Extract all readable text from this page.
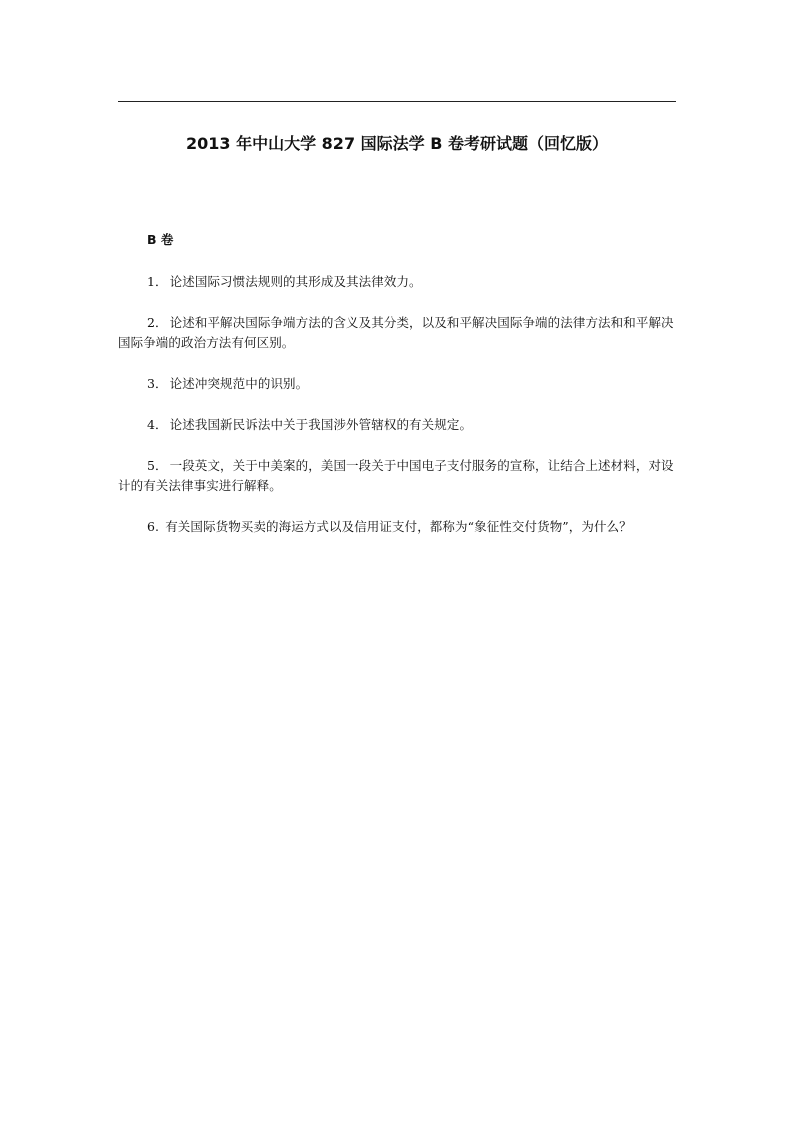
2013 年中山大学 827 国际法学 B 卷考研试题（回忆版）
B 卷
1． 论述国际习惯法规则的其形成及其法律效力。
2． 论述和平解决国际争端方法的含义及其分类，以及和平解决国际争端的法律方法和和平解决国际争端的政治方法有何区别。
3． 论述冲突规范中的识别。
4． 论述我国新民诉法中关于我国涉外管辖权的有关规定。
5． 一段英文，关于中美案的，美国一段关于中国电子支付服务的宣称，让结合上述材料，对设计的有关法律事实进行解释。
6. 有关国际货物买卖的海运方式以及信用证支付，都称为“象征性交付货物”，为什么？
